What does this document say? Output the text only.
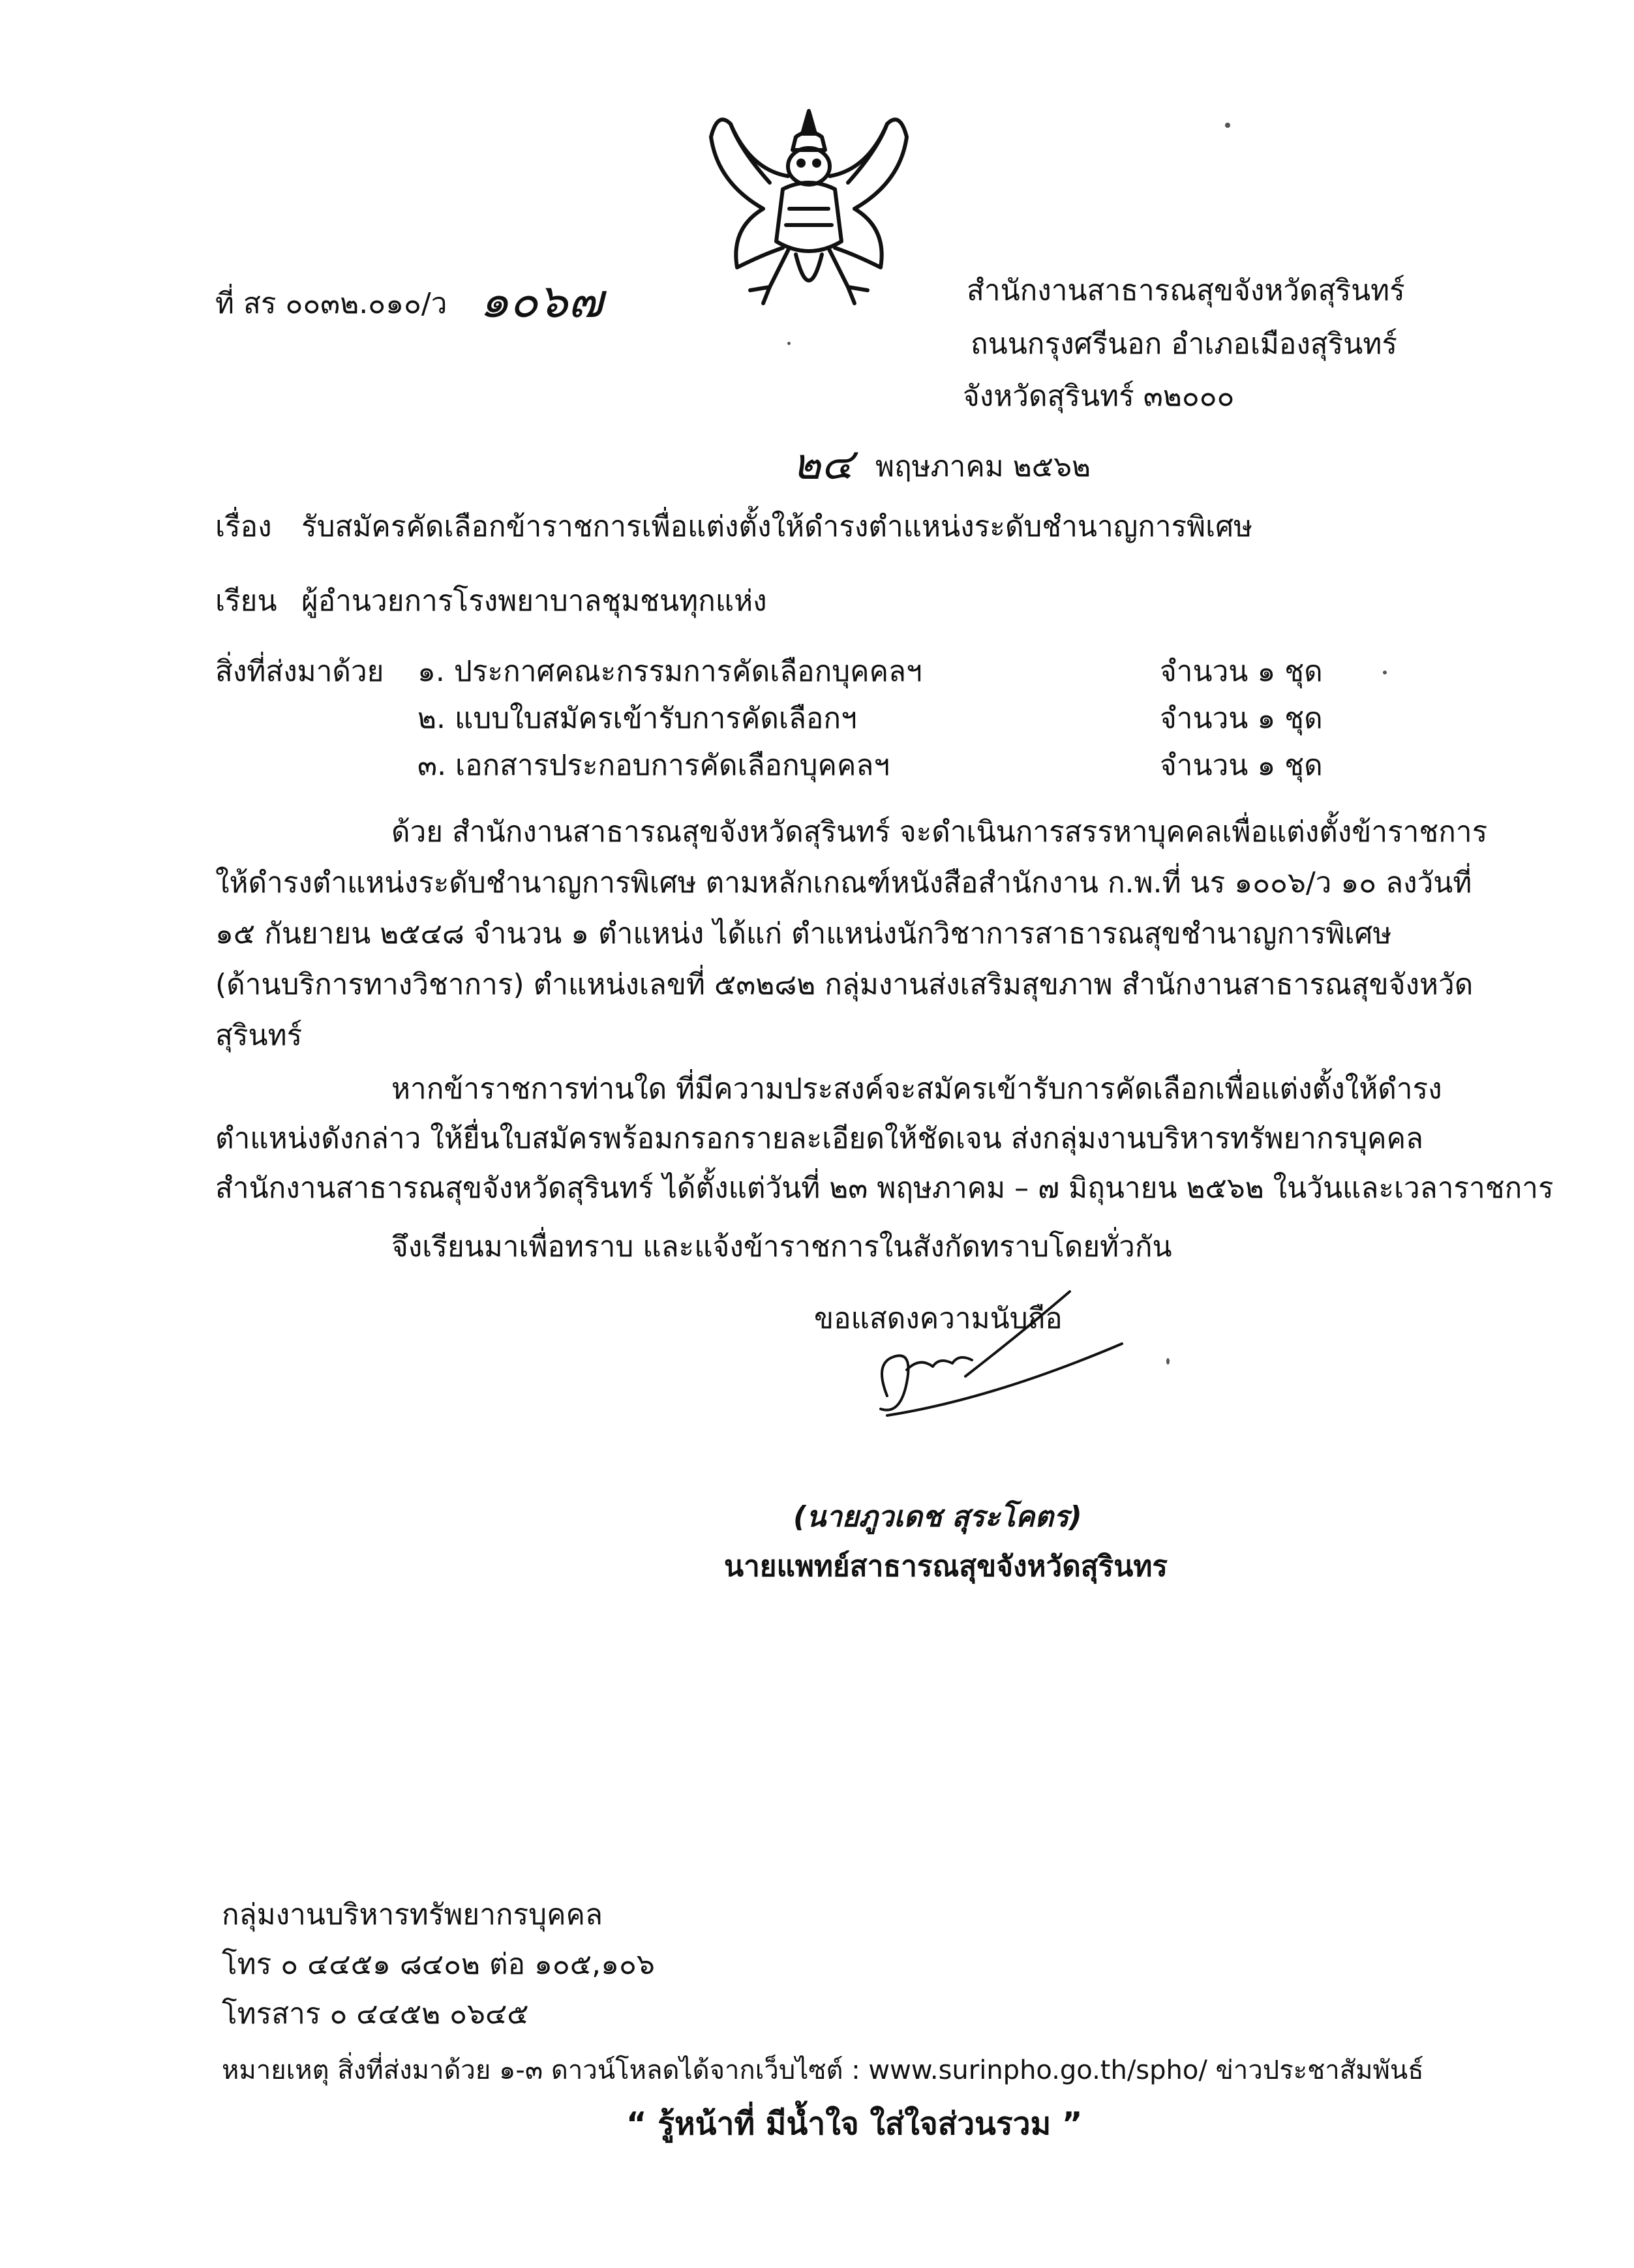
ที่ สร ๐๐๓๒.๐๑๐/ว ๑๐๖๗	สำนักงานสาธารณสุขจังหวัดสุรินทร์
ถนนกรุงศรีนอก อำเภอเมืองสุรินทร์
จังหวัดสุรินทร์ ๓๒๐๐๐
๒๔ พฤษภาคม ๒๕๖๒
เรื่อง รับสมัครคัดเลือกข้าราชการเพื่อแต่งตั้งให้ดำรงตำแหน่งระดับชำนาญการพิเศษ
เรียน ผู้อำนวยการโรงพยาบาลชุมชนทุกแห่ง
สิ่งที่ส่งมาด้วย ๑. ประกาศคณะกรรมการคัดเลือกบุคคลฯ	จำนวน ๑ ชุด
๒. แบบใบสมัครเข้ารับการคัดเลือกฯ	จำนวน ๑ ชุด
๓. เอกสารประกอบการคัดเลือกบุคคลฯ	จำนวน ๑ ชุด
ด้วย สำนักงานสาธารณสุขจังหวัดสุรินทร์ จะดำเนินการสรรหาบุคคลเพื่อแต่งตั้งข้าราชการ
ให้ดำรงตำแหน่งระดับชำนาญการพิเศษ ตามหลักเกณฑ์หนังสือสำนักงาน ก.พ.ที่ นร ๑๐๐๖/ว ๑๐ ลงวันที่
๑๕ กันยายน ๒๕๔๘ จำนวน ๑ ตำแหน่ง ได้แก่ ตำแหน่งนักวิชาการสาธารณสุขชำนาญการพิเศษ
(ด้านบริการทางวิชาการ) ตำแหน่งเลขที่ ๕๓๒๘๒ กลุ่มงานส่งเสริมสุขภาพ สำนักงานสาธารณสุขจังหวัด
สุรินทร์
หากข้าราชการท่านใด ที่มีความประสงค์จะสมัครเข้ารับการคัดเลือกเพื่อแต่งตั้งให้ดำรง
ตำแหน่งดังกล่าว ให้ยื่นใบสมัครพร้อมกรอกรายละเอียดให้ชัดเจน ส่งกลุ่มงานบริหารทรัพยากรบุคคล
สำนักงานสาธารณสุขจังหวัดสุรินทร์ ได้ตั้งแต่วันที่ ๒๓ พฤษภาคม – ๗ มิถุนายน ๒๕๖๒ ในวันและเวลาราชการ
จึงเรียนมาเพื่อทราบ และแจ้งข้าราชการในสังกัดทราบโดยทั่วกัน
ขอแสดงความนับถือ
(นายภูวเดช สุระโคตร)
นายแพทย์สาธารณสุขจังหวัดสุรินทร
กลุ่มงานบริหารทรัพยากรบุคคล
โทร ๐ ๔๔๕๑ ๘๔๐๒ ต่อ ๑๐๕,๑๐๖
โทรสาร ๐ ๔๔๕๒ ๐๖๔๕
หมายเหตุ สิ่งที่ส่งมาด้วย ๑-๓ ดาวน์โหลดได้จากเว็บไซต์ : www.surinpho.go.th/spho/ ข่าวประชาสัมพันธ์
“ รู้หน้าที่ มีน้ำใจ ใส่ใจส่วนรวม ”
